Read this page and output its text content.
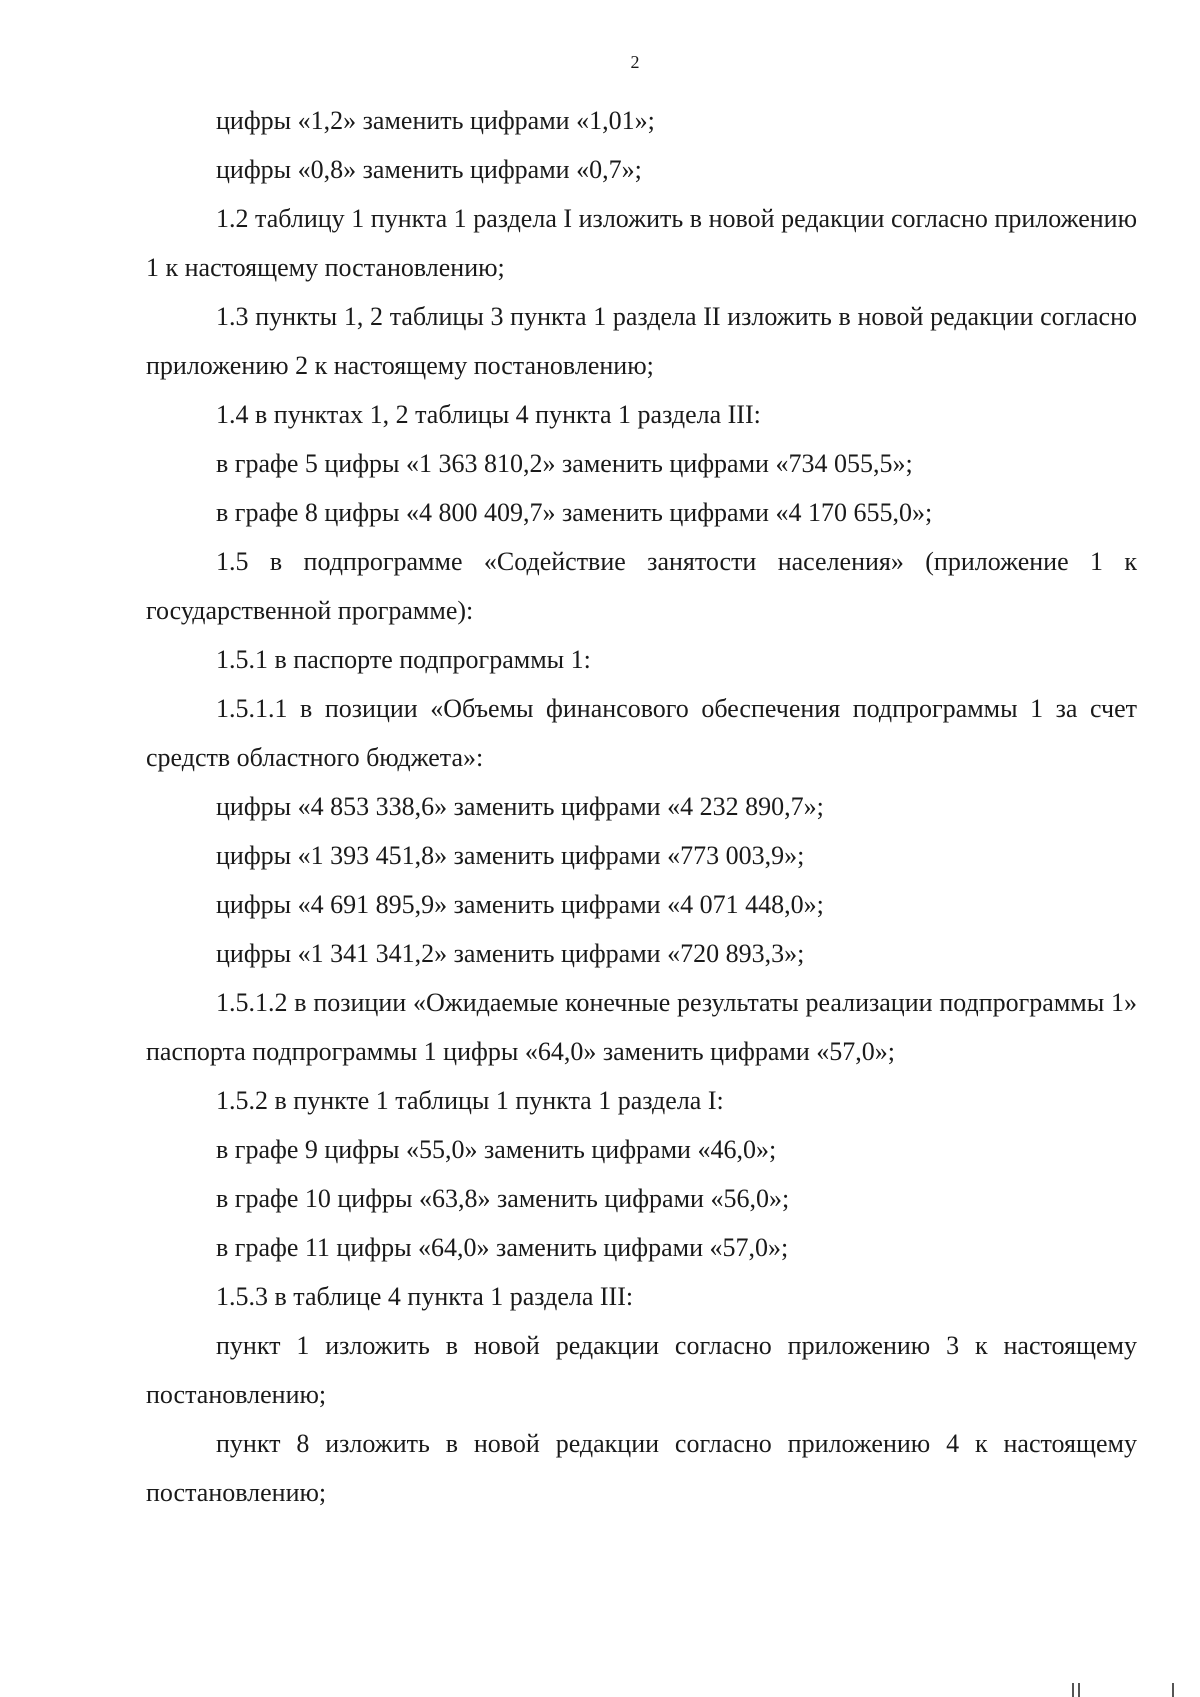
2

цифры «1,2» заменить цифрами «1,01»;

цифры «0,8» заменить цифрами «0,7»;

1.2 таблицу 1 пункта 1 раздела I изложить в новой редакции согласно приложению 1 к настоящему постановлению;

1.3 пункты 1, 2 таблицы 3 пункта 1 раздела II изложить в новой редакции согласно приложению 2 к настоящему постановлению;

1.4 в пунктах 1, 2 таблицы 4 пункта 1 раздела III:

в графе 5 цифры «1 363 810,2» заменить цифрами «734 055,5»;

в графе 8 цифры «4 800 409,7» заменить цифрами «4 170 655,0»;

1.5 в подпрограмме «Содействие занятости населения» (приложение 1 к государственной программе):

1.5.1 в паспорте подпрограммы 1:

1.5.1.1 в позиции «Объемы финансового обеспечения подпрограммы 1 за счет средств областного бюджета»:

цифры «4 853 338,6» заменить цифрами «4 232 890,7»;

цифры «1 393 451,8» заменить цифрами «773 003,9»;

цифры «4 691 895,9» заменить цифрами «4 071 448,0»;

цифры «1 341 341,2» заменить цифрами «720 893,3»;

1.5.1.2 в позиции «Ожидаемые конечные результаты реализации подпрограммы 1» паспорта подпрограммы 1 цифры «64,0» заменить цифрами «57,0»;

1.5.2 в пункте 1 таблицы 1 пункта 1 раздела I:

в графе 9 цифры «55,0» заменить цифрами «46,0»;

в графе 10 цифры «63,8» заменить цифрами «56,0»;

в графе 11 цифры «64,0» заменить цифрами «57,0»;

1.5.3 в таблице 4 пункта 1 раздела III:

пункт 1 изложить в новой редакции согласно приложению 3 к настоящему постановлению;

пункт 8 изложить в новой редакции согласно приложению 4 к настоящему постановлению;
